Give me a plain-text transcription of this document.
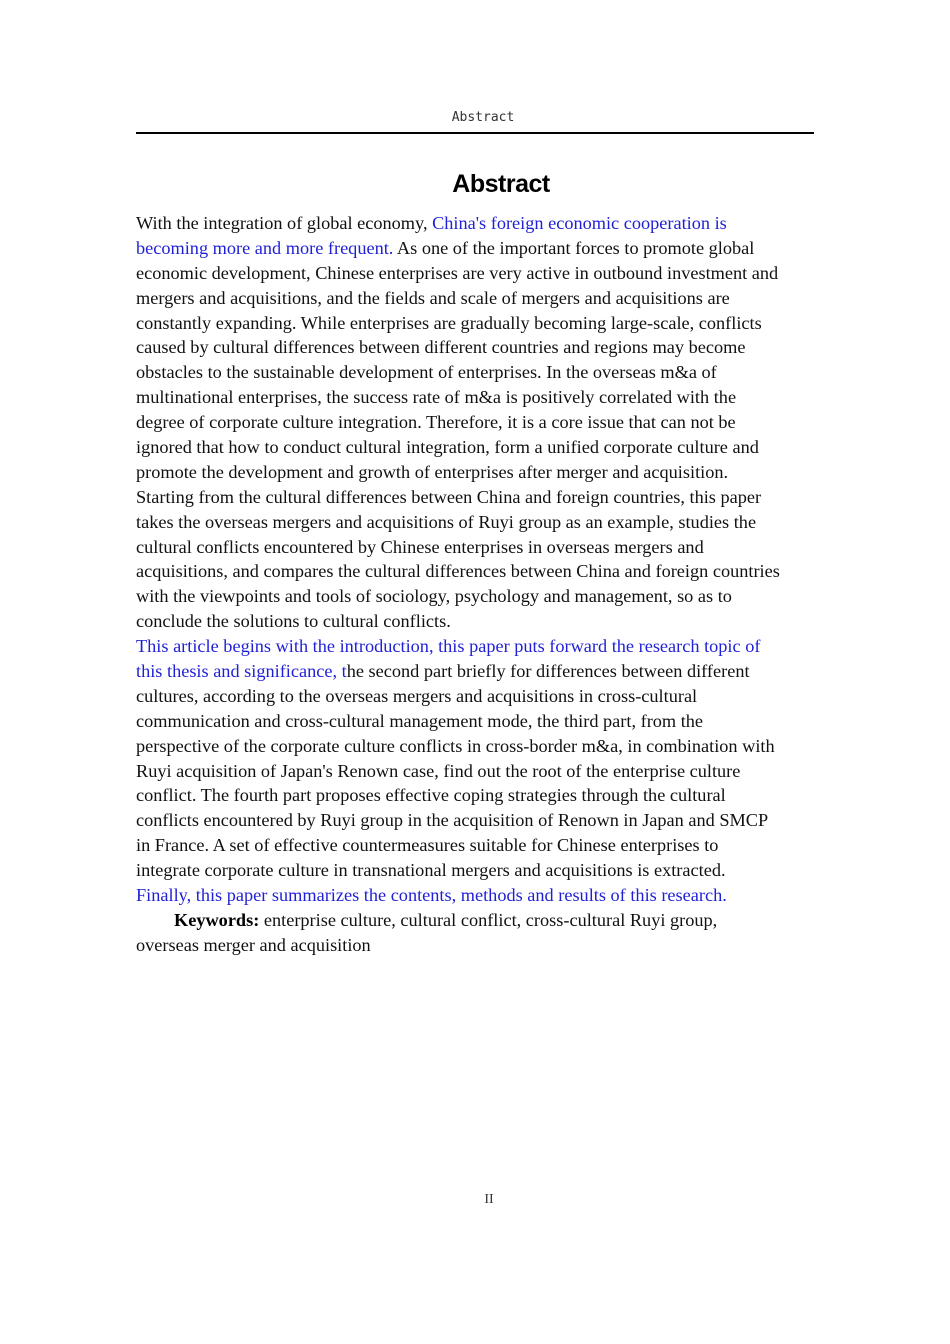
Abstract
Abstract
With the integration of global economy, China's foreign economic cooperation is
becoming more and more frequent. As one of the important forces to promote global
economic development, Chinese enterprises are very active in outbound investment and
mergers and acquisitions, and the fields and scale of mergers and acquisitions are
constantly expanding. While enterprises are gradually becoming large-scale, conflicts
caused by cultural differences between different countries and regions may become
obstacles to the sustainable development of enterprises. In the overseas m&a of
multinational enterprises, the success rate of m&a is positively correlated with the
degree of corporate culture integration. Therefore, it is a core issue that can not be
ignored that how to conduct cultural integration, form a unified corporate culture and
promote the development and growth of enterprises after merger and acquisition.
Starting from the cultural differences between China and foreign countries, this paper
takes the overseas mergers and acquisitions of Ruyi group as an example, studies the
cultural conflicts encountered by Chinese enterprises in overseas mergers and
acquisitions, and compares the cultural differences between China and foreign countries
with the viewpoints and tools of sociology, psychology and management, so as to
conclude the solutions to cultural conflicts.
This article begins with the introduction, this paper puts forward the research topic of
this thesis and significance, the second part briefly for differences between different
cultures, according to the overseas mergers and acquisitions in cross-cultural
communication and cross-cultural management mode, the third part, from the
perspective of the corporate culture conflicts in cross-border m&a, in combination with
Ruyi acquisition of Japan's Renown case, find out the root of the enterprise culture
conflict. The fourth part proposes effective coping strategies through the cultural
conflicts encountered by Ruyi group in the acquisition of Renown in Japan and SMCP
in France. A set of effective countermeasures suitable for Chinese enterprises to
integrate corporate culture in transnational mergers and acquisitions is extracted.
Finally, this paper summarizes the contents, methods and results of this research.
Keywords: enterprise culture, cultural conflict, cross-cultural Ruyi group,
overseas merger and acquisition
II
